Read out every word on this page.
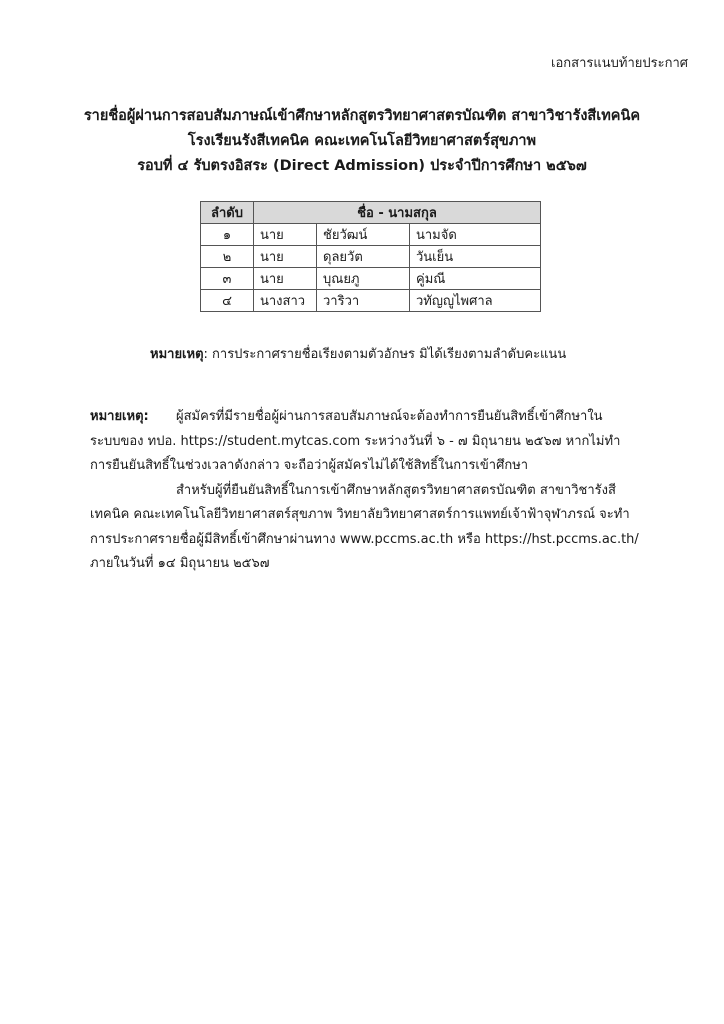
เอกสารแนบท้ายประกาศ
รายชื่อผู้ผ่านการสอบสัมภาษณ์เข้าศึกษาหลักสูตรวิทยาศาสตรบัณฑิต สาขาวิชารังสีเทคนิค
โรงเรียนรังสีเทคนิค คณะเทคโนโลยีวิทยาศาสตร์สุขภาพ
รอบที่ ๔ รับตรงอิสระ (Direct Admission) ประจำปีการศึกษา ๒๕๖๗
ลำดับ	ชื่อ - นามสกุล		
๑	นาย	ชัยวัฒน์	นามจัด
๒	นาย	ดุลยวัต	วันเย็น
๓	นาย	บุณยภู	คู่มณี
๔	นางสาว	วาริวา	วทัญญูไพศาล
หมายเหตุ: การประกาศรายชื่อเรียงตามตัวอักษร มิได้เรียงตามลำดับคะแนน
หมายเหตุ: ผู้สมัครที่มีรายชื่อผู้ผ่านการสอบสัมภาษณ์จะต้องทำการยืนยันสิทธิ์เข้าศึกษาใน
ระบบของ ทปอ. https://student.mytcas.com ระหว่างวันที่ ๖ - ๗ มิถุนายน ๒๕๖๗ หากไม่ทำ
การยืนยันสิทธิ์ในช่วงเวลาดังกล่าว จะถือว่าผู้สมัครไม่ได้ใช้สิทธิ์ในการเข้าศึกษา
สำหรับผู้ที่ยืนยันสิทธิ์ในการเข้าศึกษาหลักสูตรวิทยาศาสตรบัณฑิต สาขาวิชารังสี
เทคนิค คณะเทคโนโลยีวิทยาศาสตร์สุขภาพ วิทยาลัยวิทยาศาสตร์การแพทย์เจ้าฟ้าจุฬาภรณ์ จะทำ
การประกาศรายชื่อผู้มีสิทธิ์เข้าศึกษาผ่านทาง www.pccms.ac.th หรือ https://hst.pccms.ac.th/
ภายในวันที่ ๑๔ มิถุนายน ๒๕๖๗
